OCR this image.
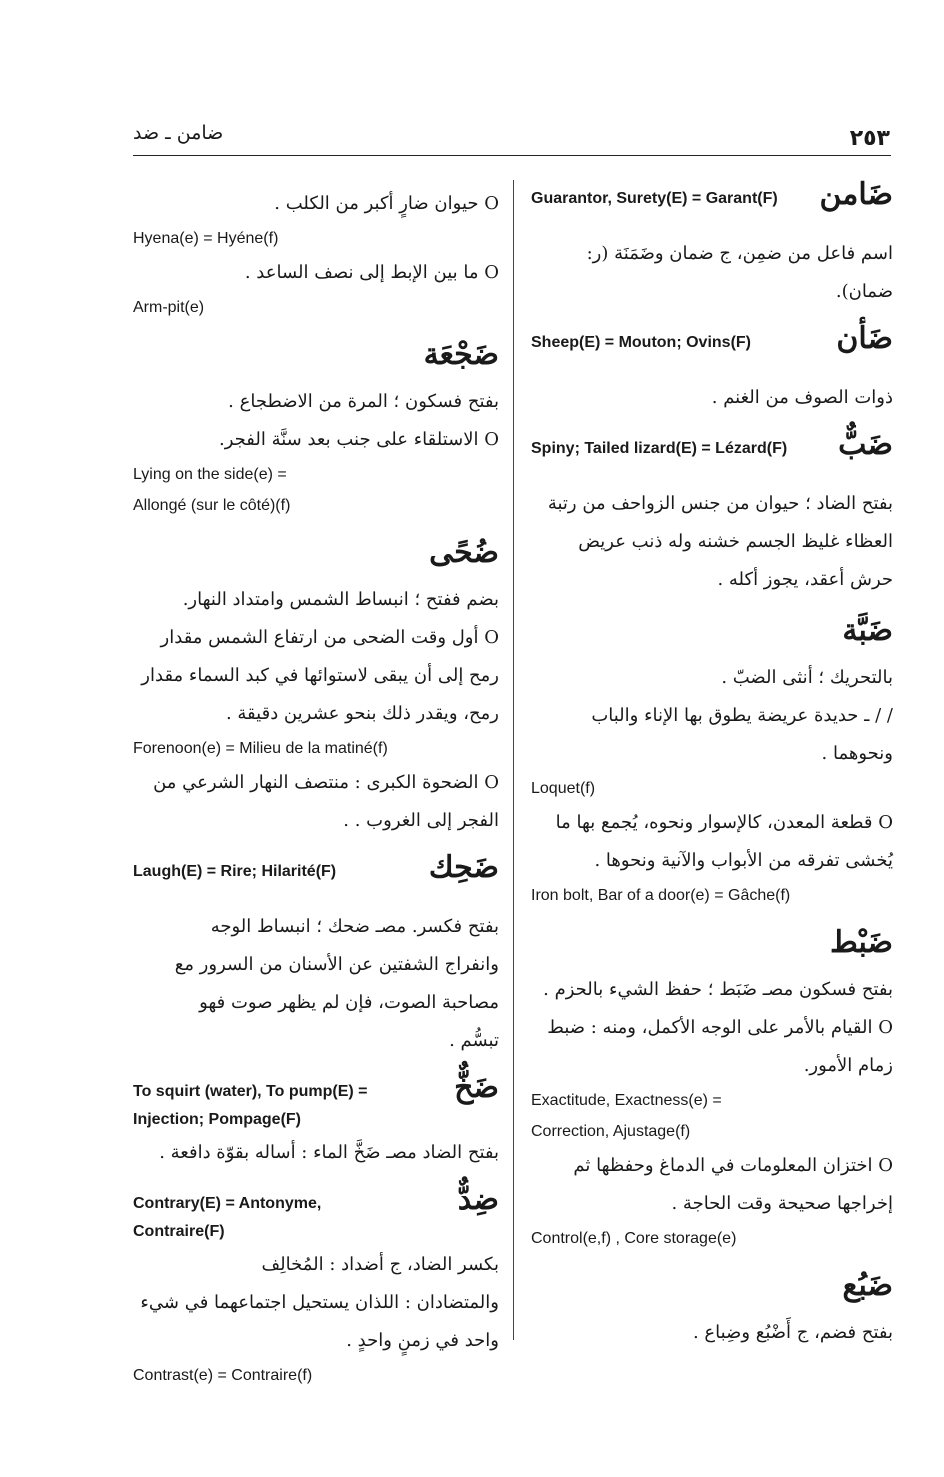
ضامن ـ ضد	٢٥٣
O حيوان ضارٍ أكبر من الكلب .
Hyena(e) = Hyéne(f)
O ما بين الإبط إلى نصف الساعد .
Arm-pit(e)
ضَجْعَة
بفتح فسكون ؛ المرة من الاضطجاع .
O الاستلقاء على جنب بعد سنَّة الفجر.
Lying on the side(e) =
Allongé (sur le côté)(f)
ضُحًى
بضم ففتح ؛ انبساط الشمس وامتداد النهار.
O أول وقت الضحى من ارتفاع الشمس مقدار
رمح إلى أن يبقى لاستوائها في كبد السماء مقدار
رمح، ويقدر ذلك بنحو عشرين دقيقة .
Forenoon(e) = Milieu de la matiné(f)
O الضحوة الكبرى : منتصف النهار الشرعي من
الفجر إلى الغروب . .
ضَحِك
Laugh(E) = Rire; Hilarité(F)
بفتح فكسر. مصـ ضحك ؛ انبساط الوجه
وانفراج الشفتين عن الأسنان من السرور مع
مصاحبة الصوت، فإن لم يظهر صوت فهو
تبسُّم .
ضَخٌّ
To squirt (water), To pump(E) = Injection; Pompage(F)
بفتح الضاد مصـ ضَخَّ الماء : أساله بقوّة دافعة .
ضِدٌّ
Contrary(E) = Antonyme, Contraire(F)
بكسر الضاد، ج أضداد : المُخالِف
والمتضادان : اللذان يستحيل اجتماعهما في شيء
واحد في زمنٍ واحدٍ .
Contrast(e) = Contraire(f)
ضَامن
Guarantor, Surety(E) = Garant(F)
اسم فاعل من ضمِن، ج ضمان وضَمَنَة (ر:
ضمان).
ضَأن
Sheep(E) = Mouton; Ovins(F)
ذوات الصوف من الغنم .
ضَبٌّ
Spiny; Tailed lizard(E) = Lézard(F)
بفتح الضاد ؛ حيوان من جنس الزواحف من رتبة
العظاء غليظ الجسم خشنه وله ذنب عريض
حرش أعقد، يجوز أكله .
ضَبَّة
بالتحريك ؛ أنثى الضبّ .
/ / ـ حديدة عريضة يطوق بها الإناء والباب
ونحوهما .
Loquet(f)
O قطعة المعدن، كالإسوار ونحوه، يُجمع بها ما
يُخشى تفرقه من الأبواب والآنية ونحوها .
Iron bolt, Bar of a door(e) = Gâche(f)
ضَبْط
بفتح فسكون مصـ ضَبَط ؛ حفظ الشيء بالحزم .
O القيام بالأمر على الوجه الأكمل، ومنه : ضبط
زمام الأمور.
Exactitude, Exactness(e) =
Correction, Ajustage(f)
O اختزان المعلومات في الدماغ وحفظها ثم
إخراجها صحيحة وقت الحاجة .
Control(e,f) , Core storage(e)
ضَبُع
بفتح فضم، ج أَضْبُع وضِباع .
